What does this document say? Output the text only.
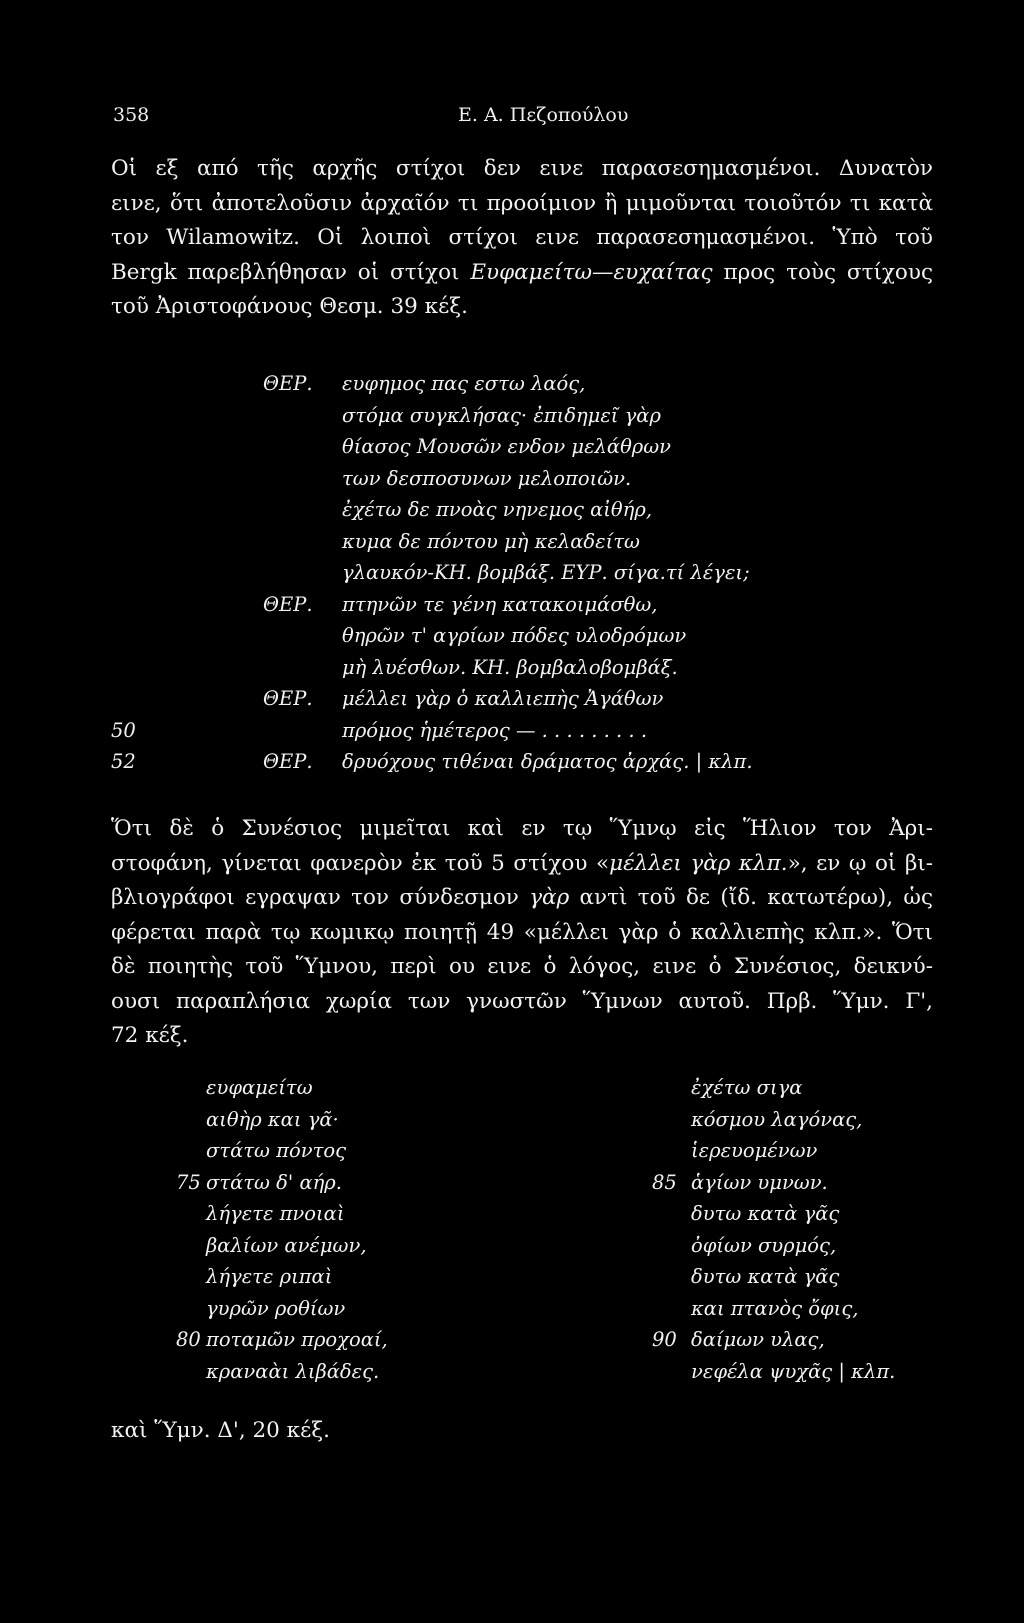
358	Ε. Α. Πεζοπούλου
Οἱ εξ από τῆς αρχῆς στίχοι δεν εινε παρασεσημασμένοι. Δυνατὸν
εινε, ὅτι ἀποτελοῦσιν ἀρχαῖόν τι προοίμιον ἢ μιμοῦνται τοιοῦτόν τι κατὰ
τον Wilamowitz. Οἱ λοιποὶ στίχοι εινε παρασεσημασμένοι. Ὑπὸ τοῦ
Bergk παρεβλήθησαν οἱ στίχοι Ευφαμείτω—ευχαίτας προς τοὺς στίχους
τοῦ Ἀριστοφάνους Θεσμ. 39 κέξ.
ΘΕΡ. ευφημος πας εστω λαός,
στόμα συγκλήσας· ἐπιδημεῖ γὰρ
θίασος Μουσῶν ενδον μελάθρων
των δεσποσυνων μελοποιῶν.
ἐχέτω δε πνοὰς νηνεμος αἰθήρ,
κυμα δε πόντου μὴ κελαδείτω
γλαυκόν-ΚΗ. βομβάξ. ΕΥΡ. σίγα.τί λέγει;
ΘΕΡ. πτηνῶν τε γένη κατακοιμάσθω,
θηρῶν τ' αγρίων πόδες υλοδρόμων
μὴ λυέσθων. ΚΗ. βομβαλοβομβάξ.
ΘΕΡ. μέλλει γὰρ ὁ καλλιεπὴς Ἀγάθων
50	πρόμος ἡμέτερος — . . . . . . . . .
52	ΘΕΡ. δρυόχους τιθέναι δράματος ἀρχάς. | κλπ.
Ὅτι δὲ ὁ Συνέσιος μιμεῖται καὶ εν τῳ Ὕμνῳ εἰς Ἥλιον τον Ἀρι-
στοφάνη, γίνεται φανερὸν ἐκ τοῦ 5 στίχου «μέλλει γὰρ κλπ.», εν ῳ οἱ βι-
βλιογράφοι εγραψαν τον σύνδεσμον γὰρ αντὶ τοῦ δε (ἴδ. κατωτέρω), ὡς
φέρεται παρὰ τῳ κωμικῳ ποιητῇ 49 «μέλλει γὰρ ὁ καλλιεπὴς κλπ.». Ὅτι
δὲ ποιητὴς τοῦ Ὕμνου, περὶ ου εινε ὁ λόγος, εινε ὁ Συνέσιος, δεικνύ-
ουσι παραπλήσια χωρία των γνωστῶν Ὕμνων αυτοῦ. Πρβ. Ὕμν. Γ',
72 κέξ.
ευφαμείτω
αιθὴρ και γᾶ·
στάτω πόντος
75 στάτω δ' αήρ.
λήγετε πνοιαὶ
βαλίων ανέμων,
λήγετε ριπαὶ
γυρῶν ροθίων
80 ποταμῶν προχοαί,
κραναὰι λιβάδες.
ἐχέτω σιγα
κόσμου λαγόνας,
ἱερευομένων
85 ἁγίων υμνων.
δυτω κατὰ γᾶς
ὀφίων συρμός,
δυτω κατὰ γᾶς
και πτανὸς ὄφις,
90 δαίμων υλας,
νεφέλα ψυχᾶς | κλπ.
καὶ Ὕμν. Δ', 20 κέξ.
